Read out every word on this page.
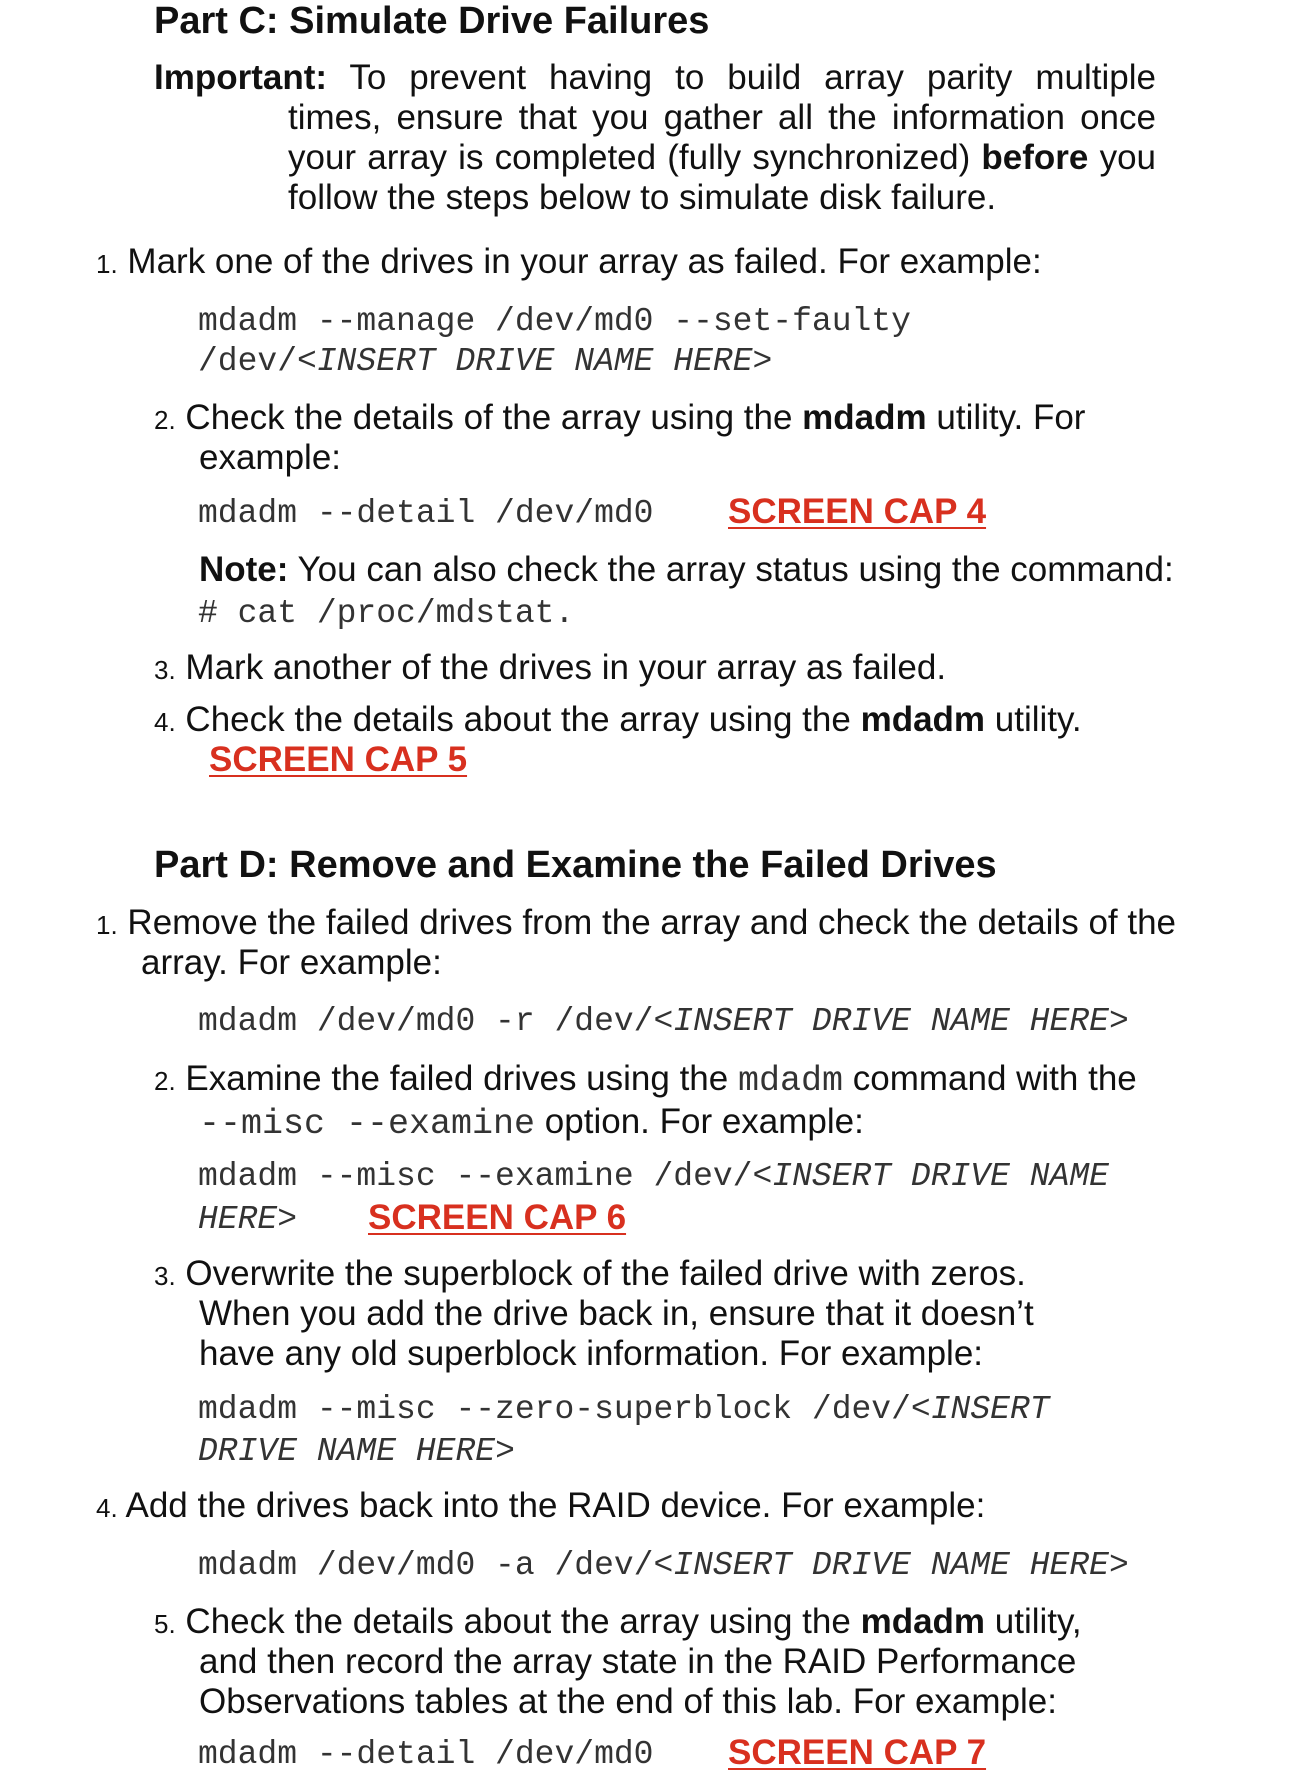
Part C: Simulate Drive Failures
Important: To prevent having to build array parity multiple
times, ensure that you gather all the information once
your array is completed (fully synchronized) before you
follow the steps below to simulate disk failure.
1. Mark one of the drives in your array as failed. For example:
mdadm --manage /dev/md0 --set-faulty
/dev/<INSERT DRIVE NAME HERE>
2. Check the details of the array using the mdadm utility. For
example:
mdadm --detail /dev/md0 SCREEN CAP 4
Note: You can also check the array status using the command:
# cat /proc/mdstat.
3. Mark another of the drives in your array as failed.
4. Check the details about the array using the mdadm utility.
SCREEN CAP 5
Part D: Remove and Examine the Failed Drives
1. Remove the failed drives from the array and check the details of the
array. For example:
mdadm /dev/md0 -r /dev/<INSERT DRIVE NAME HERE>
2. Examine the failed drives using the mdadm command with the
--misc --examine option. For example:
mdadm --misc --examine /dev/<INSERT DRIVE NAME
HERE> SCREEN CAP 6
3. Overwrite the superblock of the failed drive with zeros.
When you add the drive back in, ensure that it doesn’t
have any old superblock information. For example:
mdadm --misc --zero-superblock /dev/<INSERT
DRIVE NAME HERE>
4. Add the drives back into the RAID device. For example:
mdadm /dev/md0 -a /dev/<INSERT DRIVE NAME HERE>
5. Check the details about the array using the mdadm utility,
and then record the array state in the RAID Performance
Observations tables at the end of this lab. For example:
mdadm --detail /dev/md0 SCREEN CAP 7
